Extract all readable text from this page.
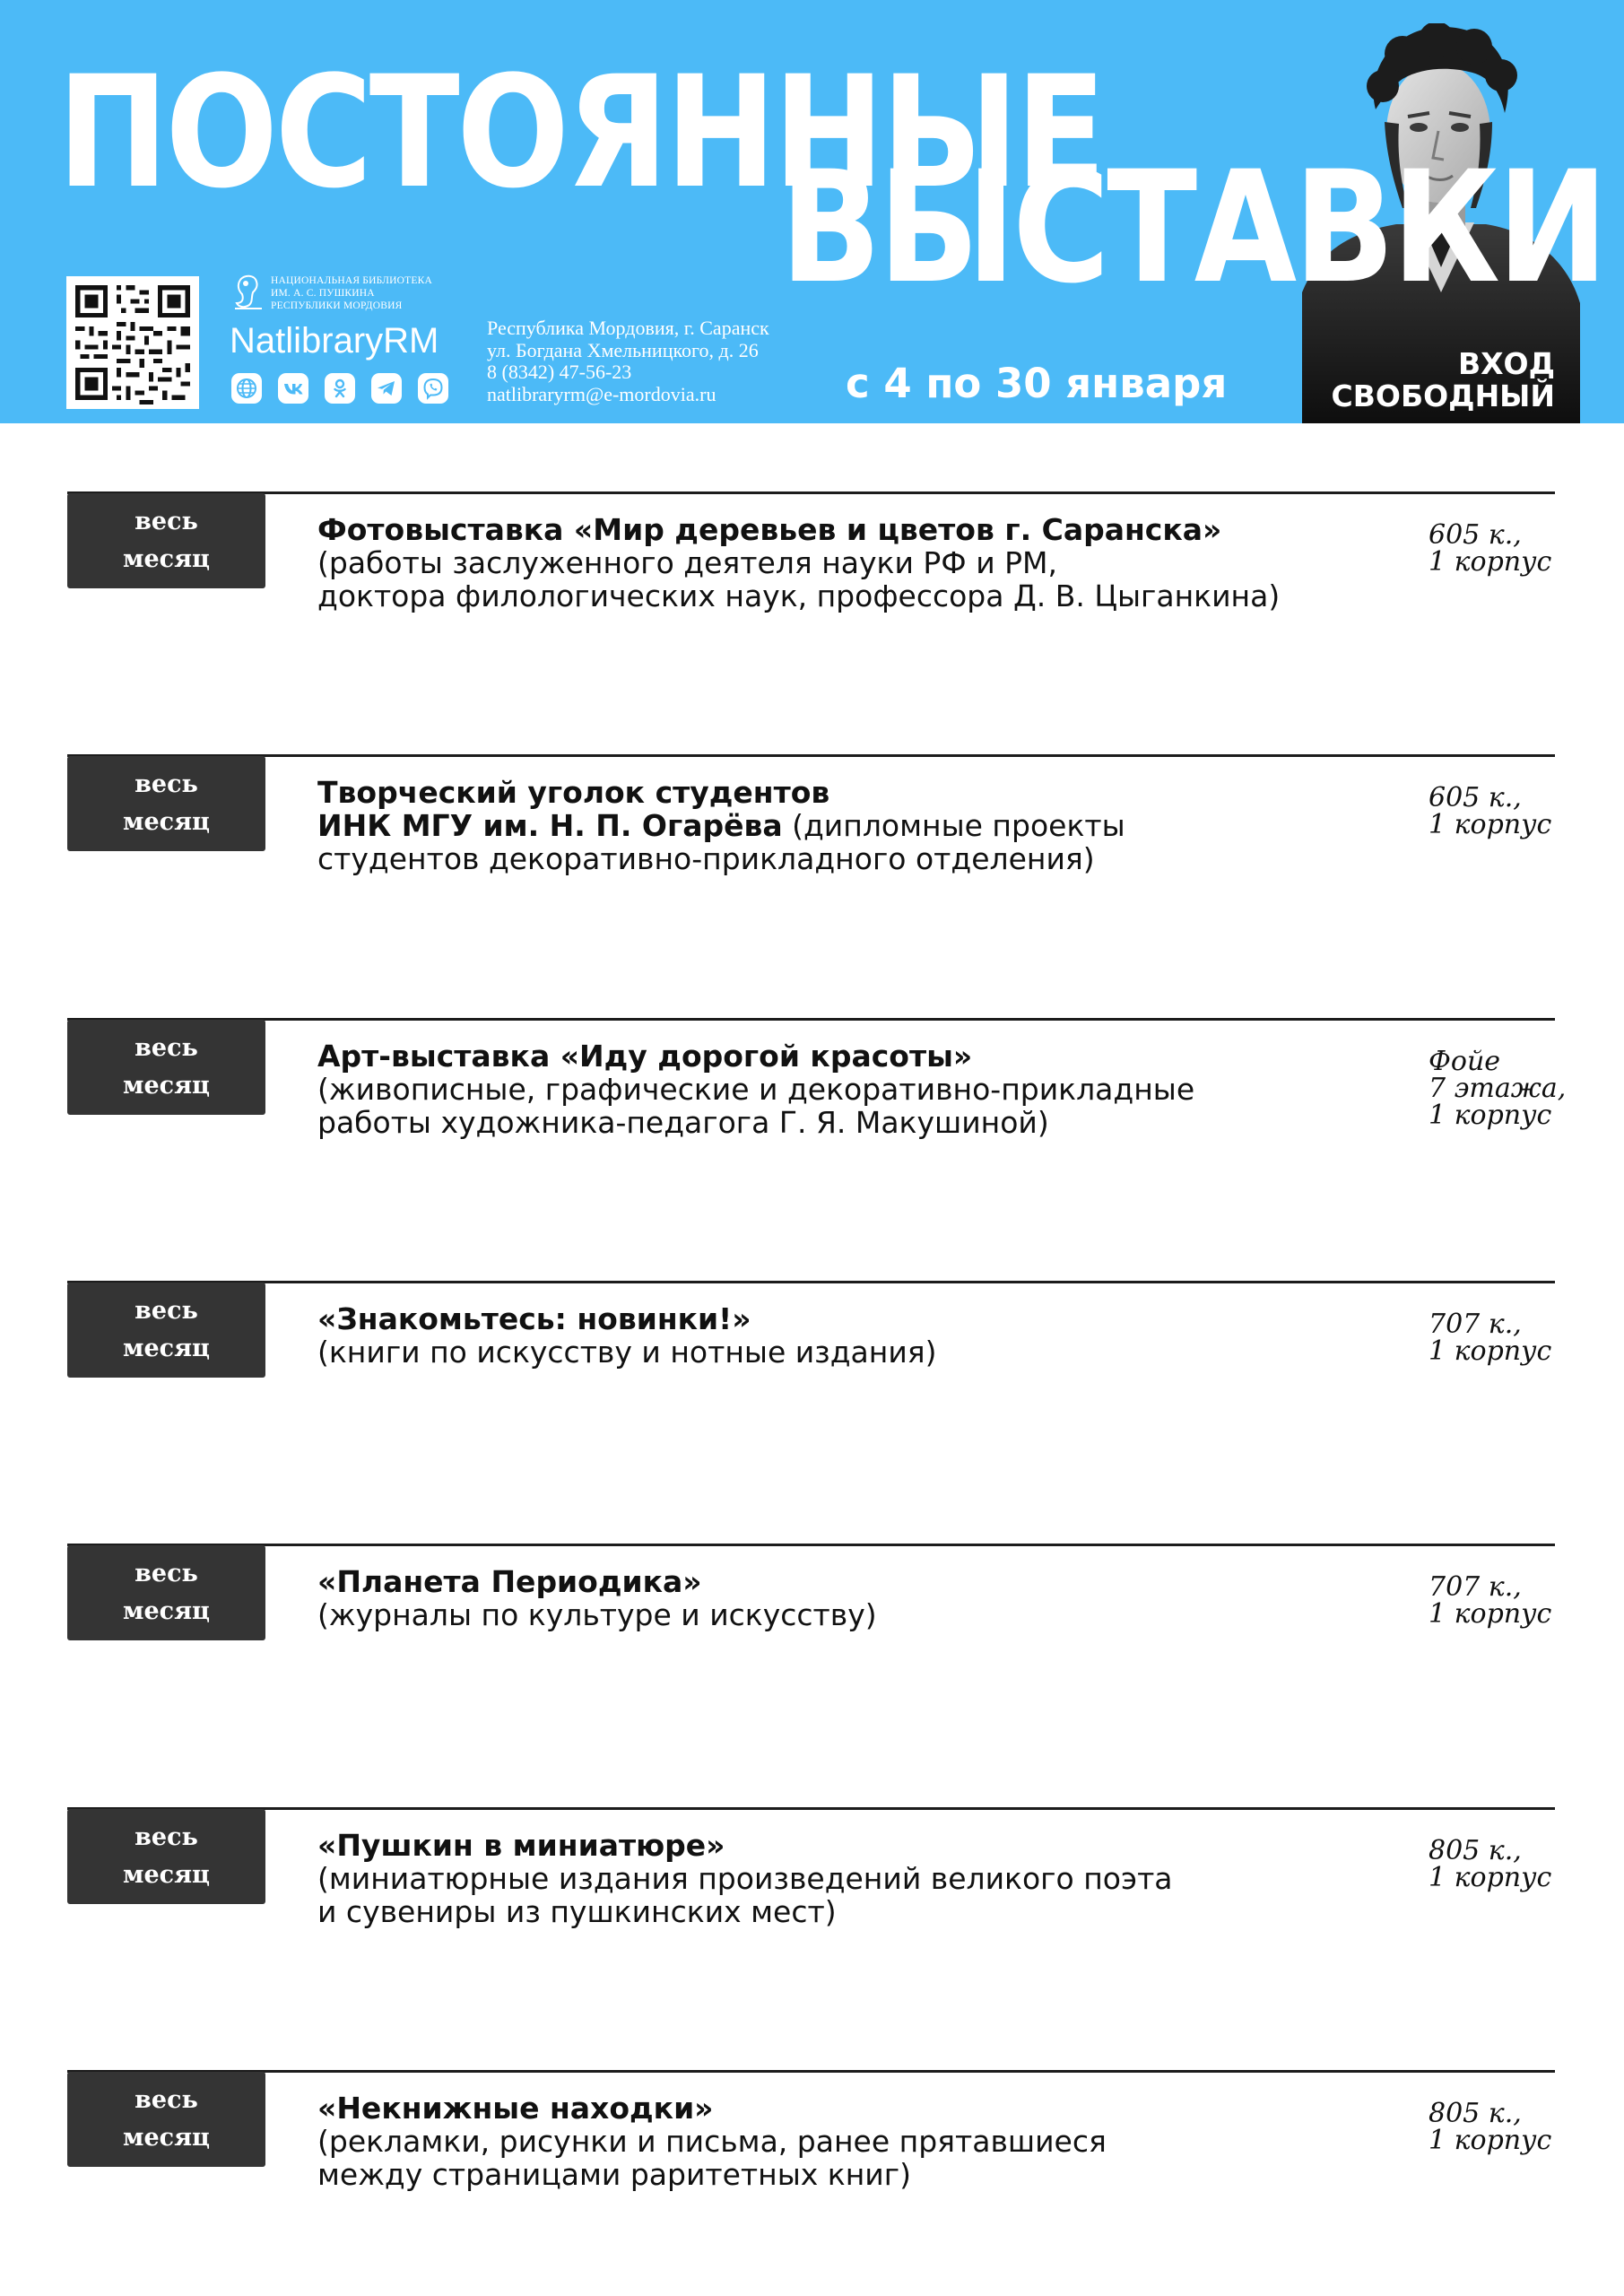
ПОСТОЯННЫЕ
ВЫСТАВКИ
НАЦИОНАЛЬНАЯ БИБЛИОТЕКА
ИМ. А. С. ПУШКИНА
РЕСПУБЛИКИ МОРДОВИЯ
NatlibraryRM Республика Мордовия, г. Саранск
ул. Богдана Хмельницкого, д. 26
8 (8342) 47-56-23
natlibraryrm@e-mordovia.ru	с 4 по 30 января	ВХОД
СВОБОДНЫЙ
весь
месяц
Фотовыставка «Мир деревьев и цветов г. Саранска»
(работы заслуженного деятеля науки РФ и РМ,
доктора филологических наук, профессора Д. В. Цыганкина)
605 к.,
1 корпус
весь
месяц
Творческий уголок студентов
ИНК МГУ им. Н. П. Огарёва (дипломные проекты
студентов декоративно-прикладного отделения)
605 к.,
1 корпус
весь
месяц
Арт-выставка «Иду дорогой красоты»
(живописные, графические и декоративно-прикладные
работы художника-педагога Г. Я. Макушиной)
Фойе
7 этажа,
1 корпус
весь
месяц
«Знакомьтесь: новинки!»
(книги по искусству и нотные издания)
707 к.,
1 корпус
весь
месяц
«Планета Периодика»
(журналы по культуре и искусству)
707 к.,
1 корпус
весь
месяц
«Пушкин в миниатюре»
(миниатюрные издания произведений великого поэта
и сувениры из пушкинских мест)
805 к.,
1 корпус
весь
месяц
«Некнижные находки»
(рекламки, рисунки и письма, ранее прятавшиеся
между страницами раритетных книг)
805 к.,
1 корпус
